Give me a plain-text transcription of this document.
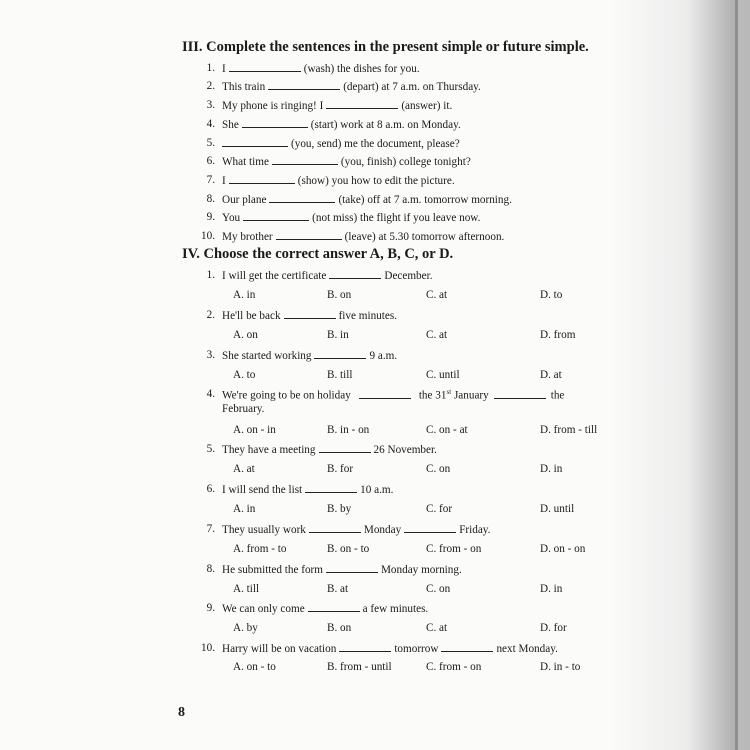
III. Complete the sentences in the present simple or future simple.
1. I	(wash) the dishes for you.
2. This train	(depart) at 7 a.m. on Thursday.
3. My phone is ringing! I	(answer) it.
4. She	(start) work at 8 a.m. on Monday.
5.	(you, send) me the document, please?
6. What time	(you, finish) college tonight?
7. I	(show) you how to edit the picture.
8. Our plane	(take) off at 7 a.m. tomorrow morning.
9. You	(not miss) the flight if you leave now.
10. My brother	(leave) at 5.30 tomorrow afternoon.
IV. Choose the correct answer A, B, C, or D.
1. I will get the certificate	December.
A. in	B. on	C. at	D. to
2. He'll be back	five minutes.
A. on	B. in	C. at	D. from
3. She started working	9 a.m.
A. to	B. till	C. until	D. at
4. We're going to be on holiday	the 31st January	the
February.
A. on - in	B. in - on	C. on - at	D. from - till
5. They have a meeting	26 November.
A. at	B. for	C. on	D. in
6. I will send the list	10 a.m.
A. in	B. by	C. for	D. until
7. They usually work	Monday	Friday.
A. from - to	B. on - to	C. from - on	D. on - on
8. He submitted the form	Monday morning.
A. till	B. at	C. on	D. in
9. We can only come	a few minutes.
A. by	B. on	C. at	D. for
10. Harry will be on vacation	tomorrow	next Monday.
A. on - to	B. from - until	C. from - on	D. in - to
8
